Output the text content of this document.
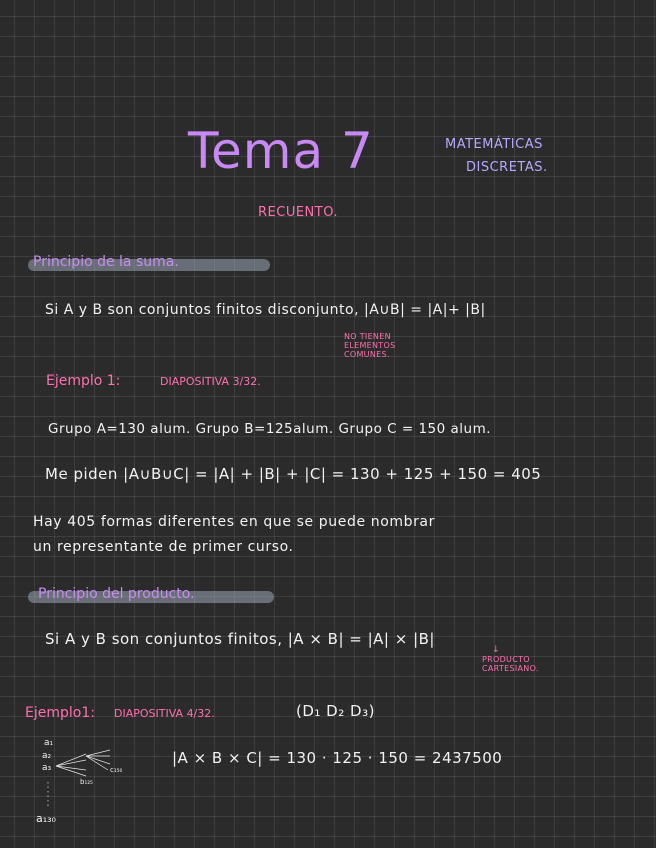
Tema 7	MATEMÁTICAS
DISCRETAS.
RECUENTO.
Principio de la suma.
Si A y B son conjuntos finitos disconjunto, |A∪B| = |A|+ |B|
NO TIENEN
ELEMENTOS
COMUNES.
Ejemplo 1:	DIAPOSITIVA 3/32.
Grupo A=130 alum. Grupo B=125alum. Grupo C = 150 alum.
Me piden |A∪B∪C| = |A| + |B| + |C| = 130 + 125 + 150 = 405
Hay 405 formas diferentes en que se puede nombrar
un representante de primer curso.
Principio del producto.
Si A y B son conjuntos finitos, |A × B| = |A| × |B|
↓
PRODUCTO
CARTESIANO.
Ejemplo1: DIAPOSITIVA 4/32.	(D₁ D₂ D₃)
a₁
a₂
a₃
b₁₂₅
c₁₅₀
a₁₃₀
|A × B × C| = 130 · 125 · 150 = 2437500
